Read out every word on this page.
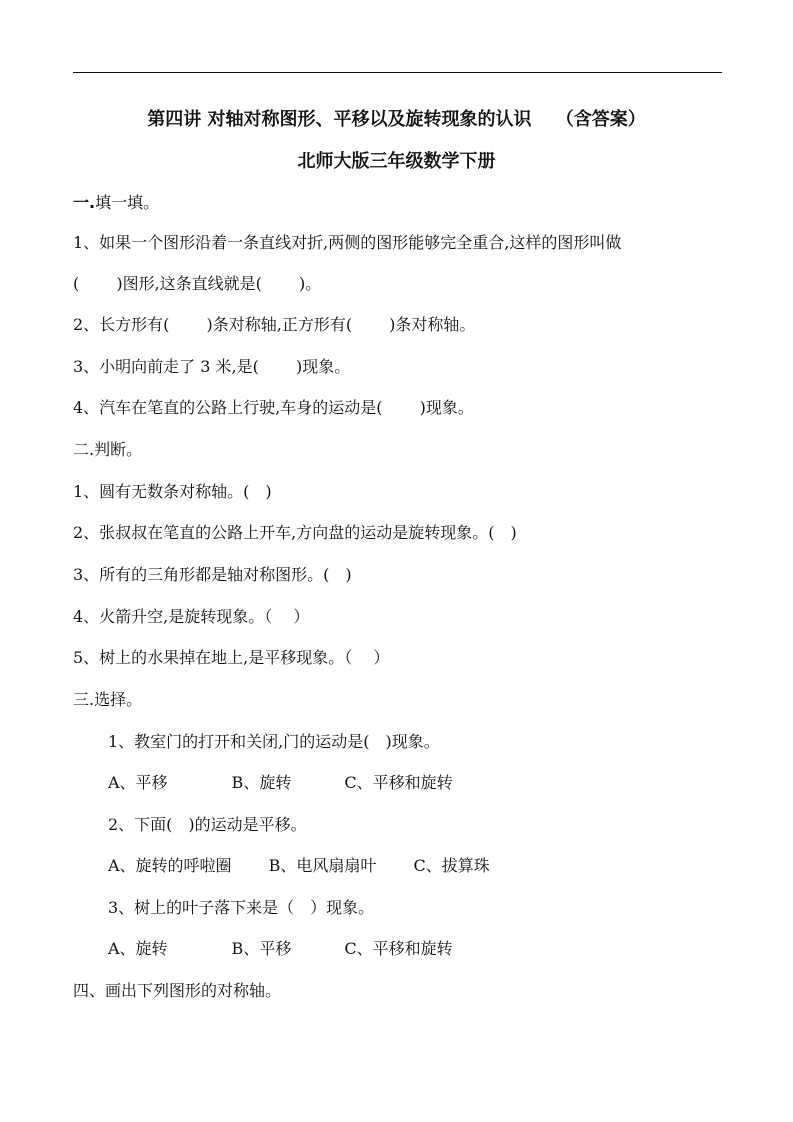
第四讲 对轴对称图形、平移以及旋转现象的认识　 （含答案）
北师大版三年级数学下册
一.填一填。
1、如果一个图形沿着一条直线对折,两侧的图形能够完全重合,这样的图形叫做
(　　 )图形,这条直线就是(　　 )。
2、长方形有(　　 )条对称轴,正方形有(　　 )条对称轴。
3、小明向前走了 3 米,是(　　 )现象。
4、汽车在笔直的公路上行驶,车身的运动是(　　 )现象。
二.判断。
1、圆有无数条对称轴。(　)
2、张叔叔在笔直的公路上开车,方向盘的运动是旋转现象。(　)
3、所有的三角形都是轴对称图形。(　)
4、火箭升空,是旋转现象。（　 ）
5、树上的水果掉在地上,是平移现象。（　 ）
三.选择。
1、教室门的打开和关闭,门的运动是(　)现象。
A、平移　　　　B、旋转　　　 C、平移和旋转
2、下面(　)的运动是平移。
A、旋转的呼啦圈　　 B、电风扇扇叶　　 C、拔算珠
3、树上的叶子落下来是（　）现象。
A、旋转　　　　B、平移　　　 C、平移和旋转
四、画出下列图形的对称轴。
